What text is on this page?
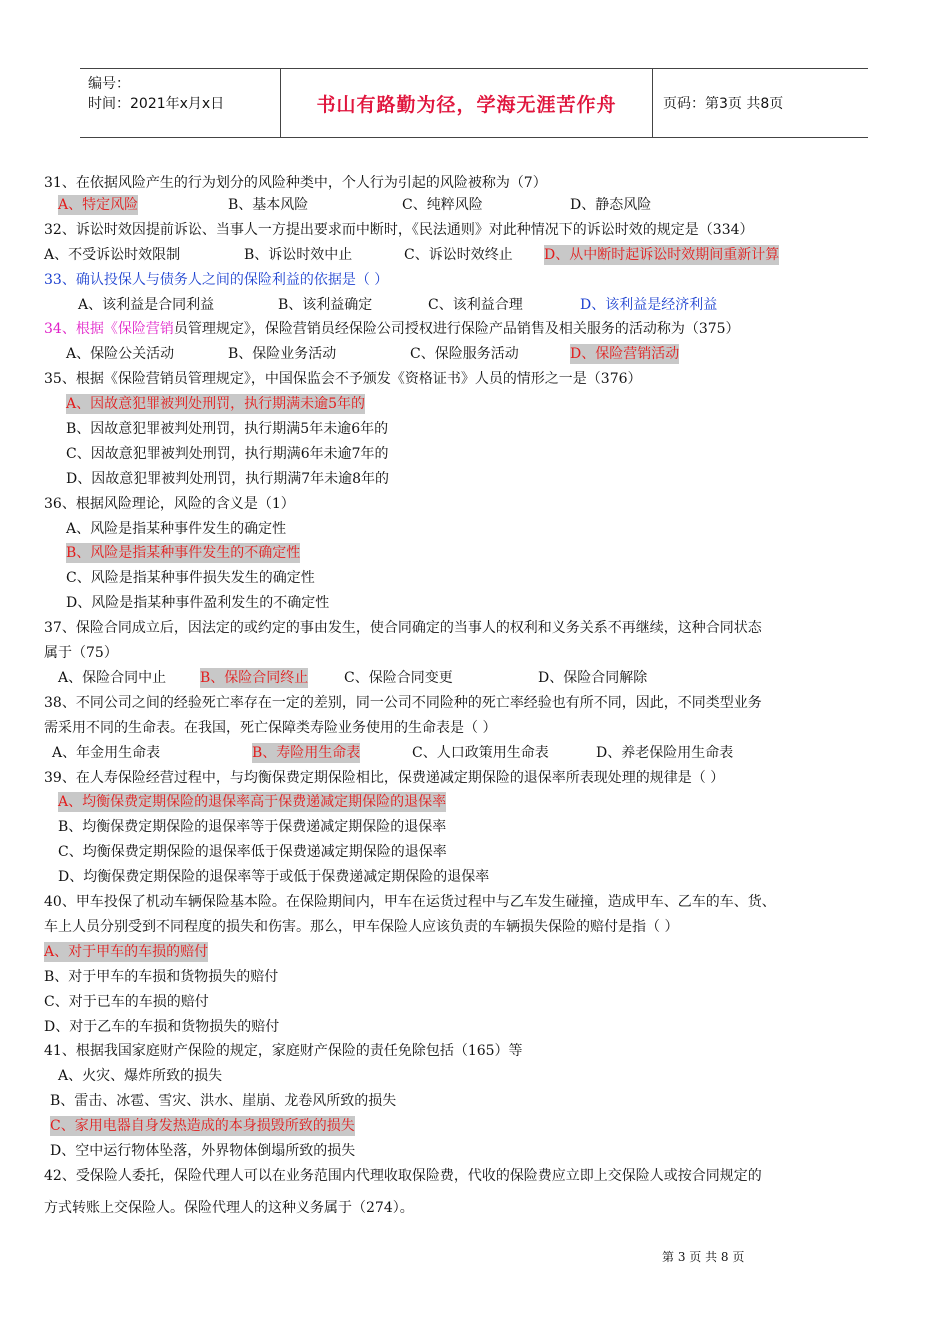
编号：
时间：2021年x月x日	书山有路勤为径，学海无涯苦作舟	页码：第3页 共8页
31、在依据风险产生的行为划分的风险种类中，个人行为引起的风险被称为（7）
A、特定风险	B、基本风险	C、纯粹风险	D、静态风险
32、诉讼时效因提前诉讼、当事人一方提出要求而中断时，《民法通则》对此种情况下的诉讼时效的规定是（334）
A、不受诉讼时效限制	B、诉讼时效中止	C、诉讼时效终止 D、从中断时起诉讼时效期间重新计算
33、确认投保人与债务人之间的保险利益的依据是（ ）
A、该利益是合同利益	B、该利益确定	C、该利益合理	D、该利益是经济利益
34、根据《保险营销员管理规定》，保险营销员经保险公司授权进行保险产品销售及相关服务的活动称为（375）
A、保险公关活动	B、保险业务活动	C、保险服务活动	D、保险营销活动
35、根据《保险营销员管理规定》，中国保监会不予颁发《资格证书》人员的情形之一是（376）
A、因故意犯罪被判处刑罚，执行期满未逾5年的
B、因故意犯罪被判处刑罚，执行期满5年未逾6年的
C、因故意犯罪被判处刑罚，执行期满6年未逾7年的
D、因故意犯罪被判处刑罚，执行期满7年未逾8年的
36、根据风险理论，风险的含义是（1）
A、风险是指某种事件发生的确定性
B、风险是指某种事件发生的不确定性
C、风险是指某种事件损失发生的确定性
D、风险是指某种事件盈利发生的不确定性
37、保险合同成立后，因法定的或约定的事由发生，使合同确定的当事人的权利和义务关系不再继续，这种合同状态
属于（75）
A、保险合同中止 B、保险合同终止	C、保险合同变更	D、保险合同解除
38、不同公司之间的经验死亡率存在一定的差别，同一公司不同险种的死亡率经验也有所不同，因此，不同类型业务
需采用不同的生命表。在我国，死亡保障类寿险业务使用的生命表是（ ）
A、年金用生命表	B、寿险用生命表	C、人口政策用生命表	D、养老保险用生命表
39、在人寿保险经营过程中，与均衡保费定期保险相比，保费递减定期保险的退保率所表现处理的规律是（ ）
A、均衡保费定期保险的退保率高于保费递减定期保险的退保率
B、均衡保费定期保险的退保率等于保费递减定期保险的退保率
C、均衡保费定期保险的退保率低于保费递减定期保险的退保率
D、均衡保费定期保险的退保率等于或低于保费递减定期保险的退保率
40、甲车投保了机动车辆保险基本险。在保险期间内，甲车在运货过程中与乙车发生碰撞，造成甲车、乙车的车、货、
车上人员分别受到不同程度的损失和伤害。那么，甲车保险人应该负责的车辆损失保险的赔付是指（ ）
A、对于甲车的车损的赔付
B、对于甲车的车损和货物损失的赔付
C、对于已车的车损的赔付
D、对于乙车的车损和货物损失的赔付
41、根据我国家庭财产保险的规定，家庭财产保险的责任免除包括（165）等
A、火灾、爆炸所致的损失
B、雷击、冰雹、雪灾、洪水、崖崩、龙卷风所致的损失
C、家用电器自身发热造成的本身损毁所致的损失
D、空中运行物体坠落，外界物体倒塌所致的损失
42、受保险人委托，保险代理人可以在业务范围内代理收取保险费，代收的保险费应立即上交保险人或按合同规定的
方式转账上交保险人。保险代理人的这种义务属于（274）。
第 3 页 共 8 页
